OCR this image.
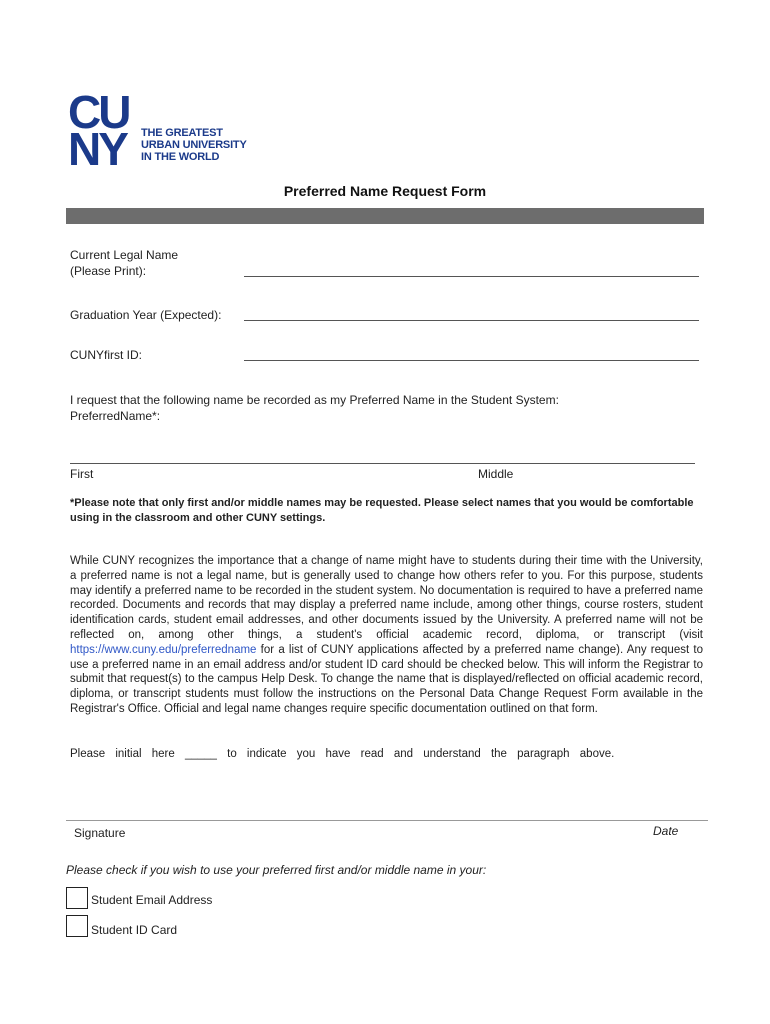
CU
NY THE GREATEST
URBAN UNIVERSITY
IN THE WORLD
Preferred Name Request Form
Current Legal Name
(Please Print):
Graduation Year (Expected):
CUNYfirst ID:
I request that the following name be recorded as my Preferred Name in the Student System:
PreferredName*:
First	Middle
*Please note that only first and/or middle names may be requested. Please select names that you would be comfortable using in the classroom and other CUNY settings.
While CUNY recognizes the importance that a change of name might have to students during their time with the University, a preferred name is not a legal name, but is generally used to change how others refer to you. For this purpose, students may identify a preferred name to be recorded in the student system. No documentation is required to have a preferred name recorded. Documents and records that may display a preferred name include, among other things, course rosters, student identification cards, student email addresses, and other documents issued by the University. A preferred name will not be reflected on, among other things, a student's official academic record, diploma, or transcript (visit https://www.cuny.edu/preferredname for a list of CUNY applications affected by a preferred name change). Any request to use a preferred name in an email address and/or student ID card should be checked below. This will inform the Registrar to submit that request(s) to the campus Help Desk. To change the name that is displayed/reflected on official academic record, diploma, or transcript students must follow the instructions on the Personal Data Change Request Form available in the Registrar's Office. Official and legal name changes require specific documentation outlined on that form.
Please initial here _____ to indicate you have read and understand the paragraph above.
Signature	Date
Please check if you wish to use your preferred first and/or middle name in your:
Student Email Address
Student ID Card
